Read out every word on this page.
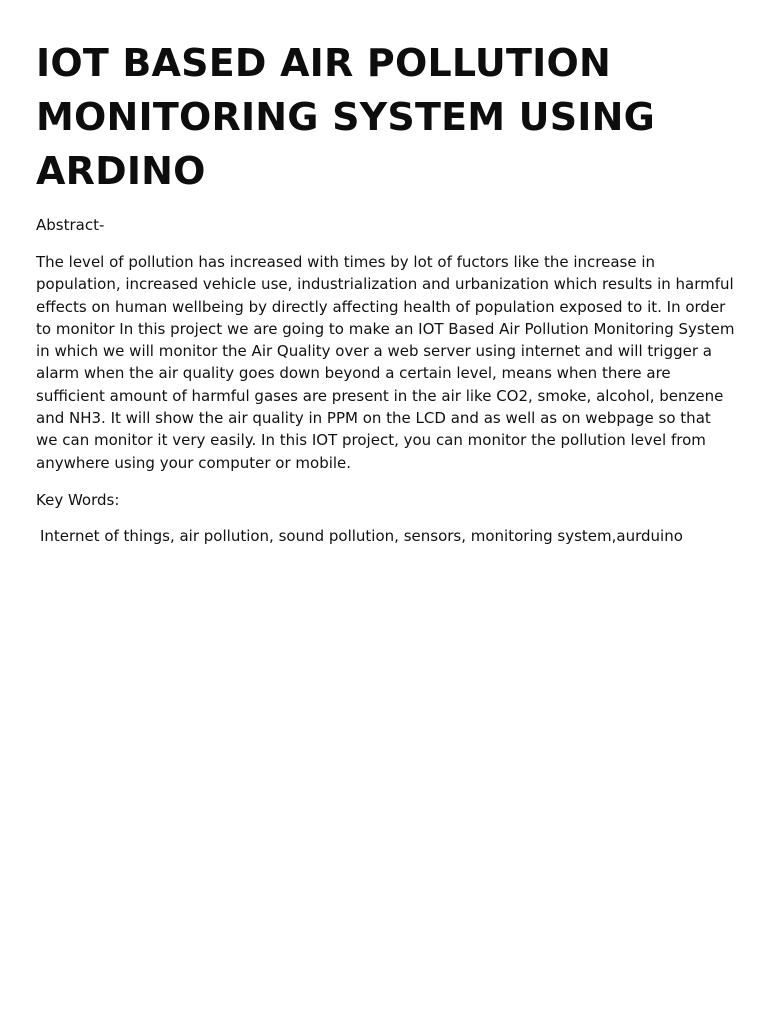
IOT BASED AIR POLLUTION MONITORING SYSTEM USING ARDINO

Abstract-

The level of pollution has increased with times by lot of fuctors like the increase in population, increased vehicle use, industrialization and urbanization which results in harmful effects on human wellbeing by directly affecting health of population exposed to it. In order to monitor In this project we are going to make an IOT Based Air Pollution Monitoring System in which we will monitor the Air Quality over a web server using internet and will trigger a alarm when the air quality goes down beyond a certain level, means when there are sufficient amount of harmful gases are present in the air like CO2, smoke, alcohol, benzene and NH3. It will show the air quality in PPM on the LCD and as well as on webpage so that we can monitor it very easily. In this IOT project, you can monitor the pollution level from anywhere using your computer or mobile.

Key Words:

Internet of things, air pollution, sound pollution, sensors, monitoring system,aurduino
